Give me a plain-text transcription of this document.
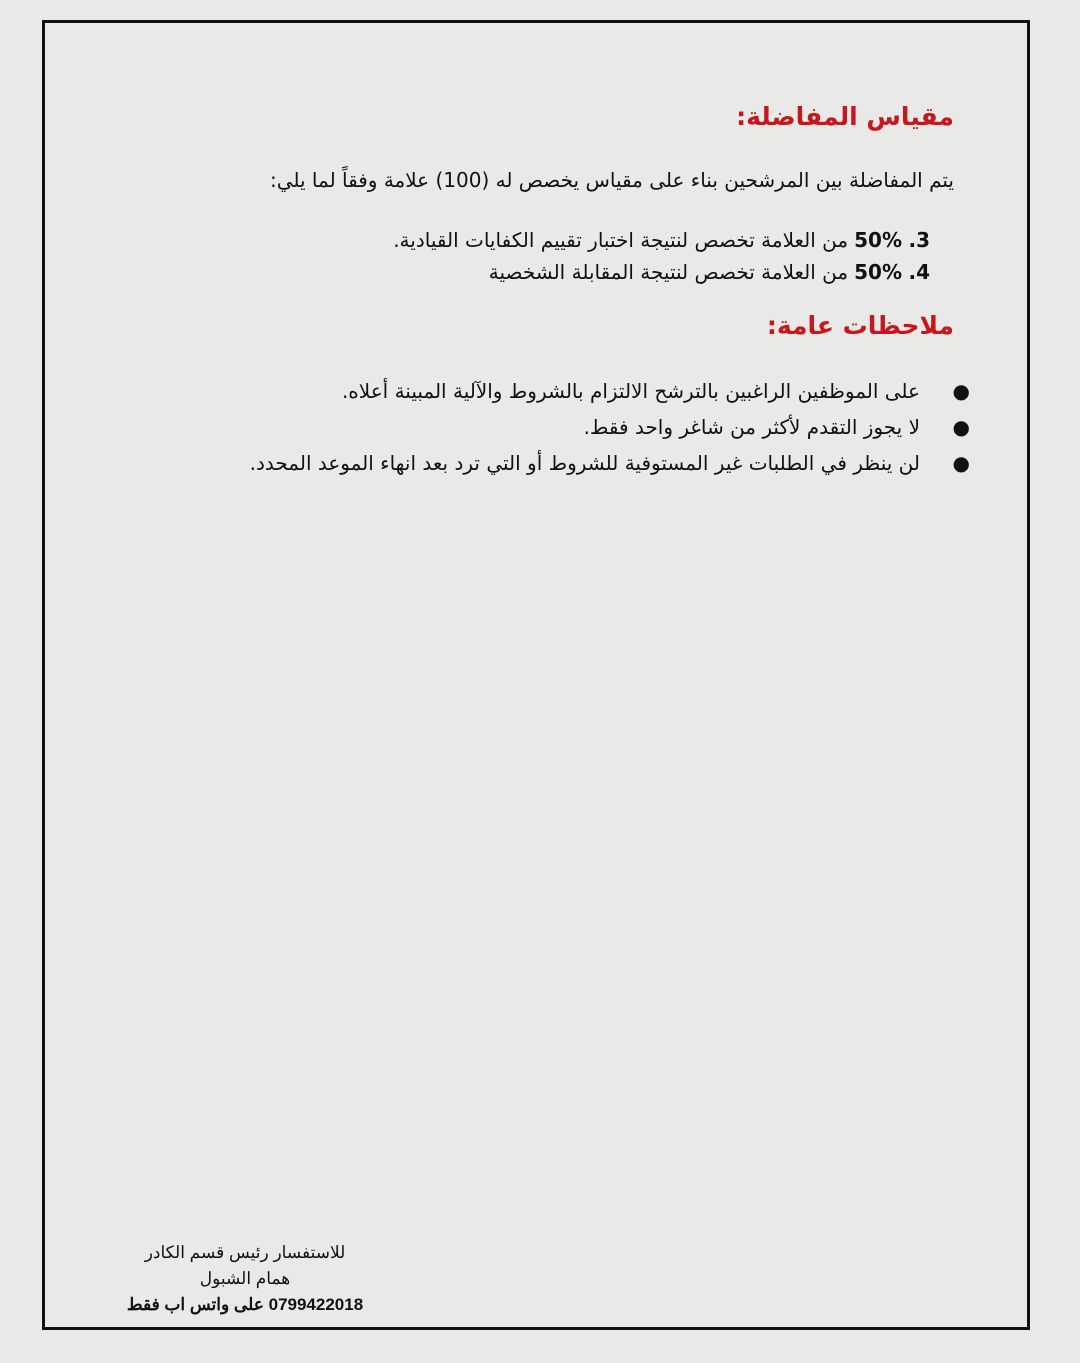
مقياس المفاضلة:

يتم المفاضلة بين المرشحين بناء على مقياس يخصص له (100) علامة وفقاً لما يلي:

3.
50%
من العلامة تخصص لنتيجة اختبار تقييم الكفايات القيادية.
4.
50%
من العلامة تخصص لنتيجة المقابلة الشخصية
ملاحظات عامة:
●
على الموظفين الراغبين بالترشح الالتزام بالشروط والآلية المبينة أعلاه.
●
لا يجوز التقدم لأكثر من شاغر واحد فقط.
●
لن ينظر في الطلبات غير المستوفية للشروط أو التي ترد بعد انهاء الموعد المحدد.
للاستفسار رئيس قسم الكادر
همام الشبول
0799422018 على واتس اب فقط
